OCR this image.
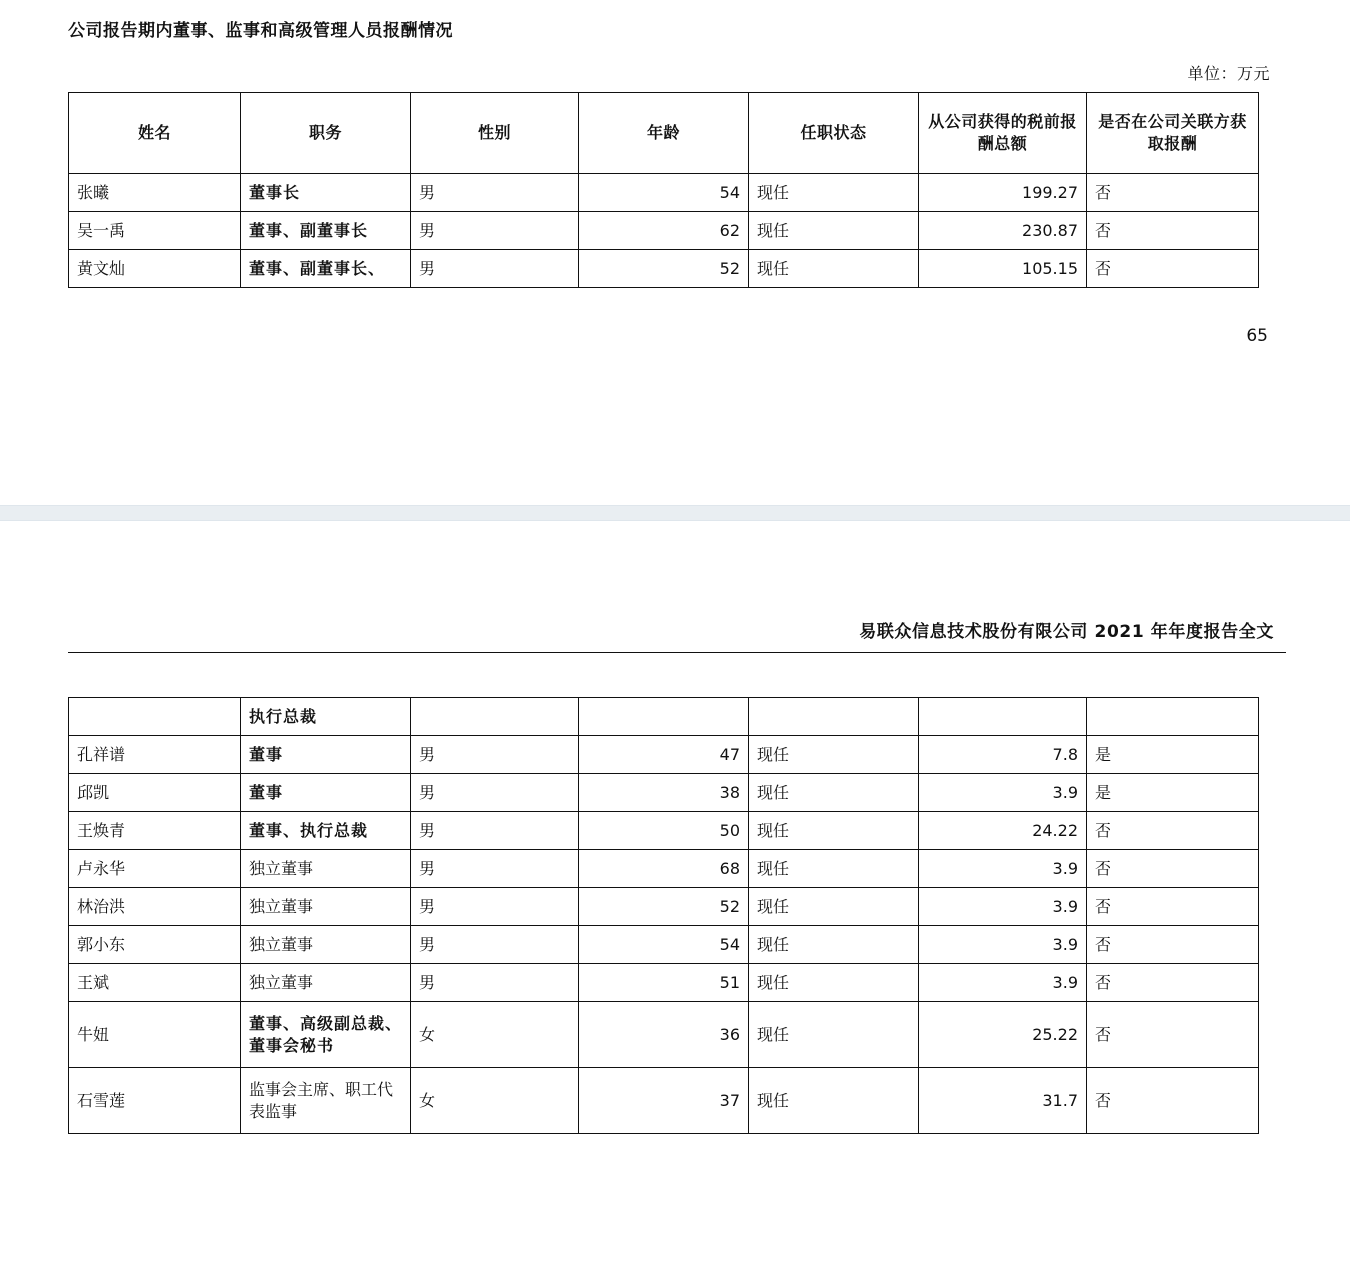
公司报告期内董事、监事和高级管理人员报酬情况
单位：万元
姓名	职务	性别	年龄	任职状态	从公司获得的税前报酬总额	是否在公司关联方获取报酬
张曦	董事长	男	54	现任	199.27	否
吴一禹	董事、副董事长	男	62	现任	230.87	否
黄文灿	董事、副董事长、	男	52	现任	105.15	否
65
易联众信息技术股份有限公司 2021 年年度报告全文
	执行总裁					
孔祥谱	董事	男	47	现任	7.8	是
邱凯	董事	男	38	现任	3.9	是
王焕青	董事、执行总裁	男	50	现任	24.22	否
卢永华	独立董事	男	68	现任	3.9	否
林治洪	独立董事	男	52	现任	3.9	否
郭小东	独立董事	男	54	现任	3.9	否
王斌	独立董事	男	51	现任	3.9	否
牛妞	董事、高级副总裁、董事会秘书	女	36	现任	25.22	否
石雪莲	监事会主席、职工代表监事	女	37	现任	31.7	否
